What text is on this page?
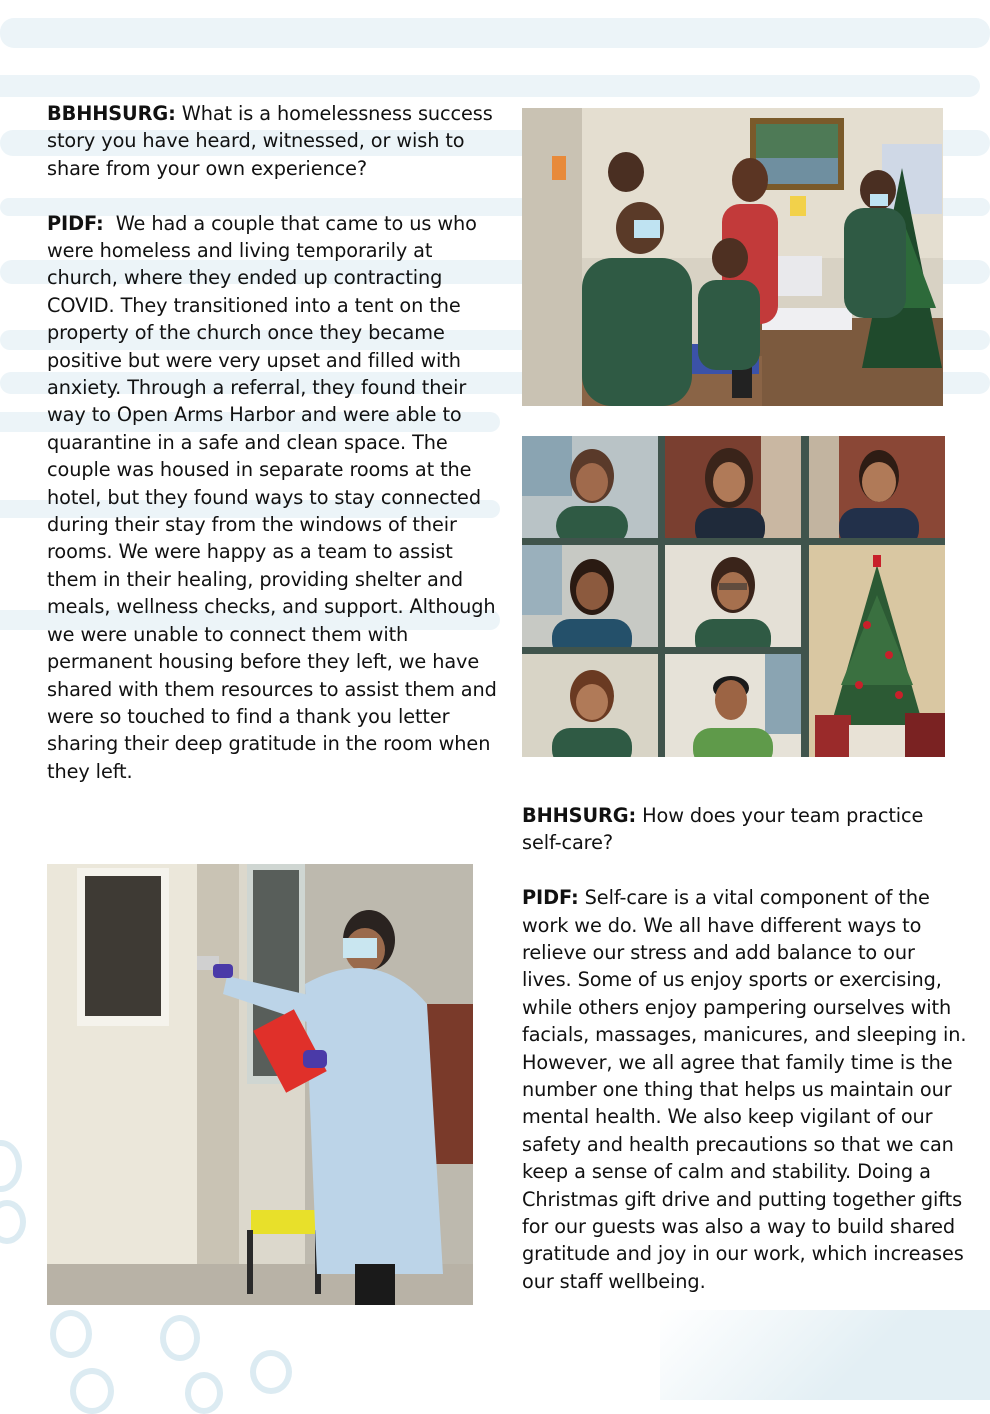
BBHHSURG: What is a homelessness success story you have heard, witnessed, or wish to share from your own experience?

PIDF: We had a couple that came to us who were homeless and living temporarily at church, where they ended up contracting COVID. They transitioned into a tent on the property of the church once they became positive but were very upset and filled with anxiety. Through a referral, they found their way to Open Arms Harbor and were able to quarantine in a safe and clean space. The couple was housed in separate rooms at the hotel, but they found ways to stay connected during their stay from the windows of their rooms. We were happy as a team to assist them in their healing, providing shelter and meals, wellness checks, and support. Although we were unable to connect them with permanent housing before they left, we have shared with them resources to assist them and were so touched to find a thank you letter sharing their deep gratitude in the room when they left.

BHHSURG: How does your team practice self-care?

PIDF: Self-care is a vital component of the work we do. We all have different ways to relieve our stress and add balance to our lives. Some of us enjoy sports or exercising, while others enjoy pampering ourselves with facials, massages, manicures, and sleeping in. However, we all agree that family time is the number one thing that helps us maintain our mental health. We also keep vigilant of our safety and health precautions so that we can keep a sense of calm and stability. Doing a Christmas gift drive and putting together gifts for our guests was also a way to build shared gratitude and joy in our work, which increases our staff wellbeing.
